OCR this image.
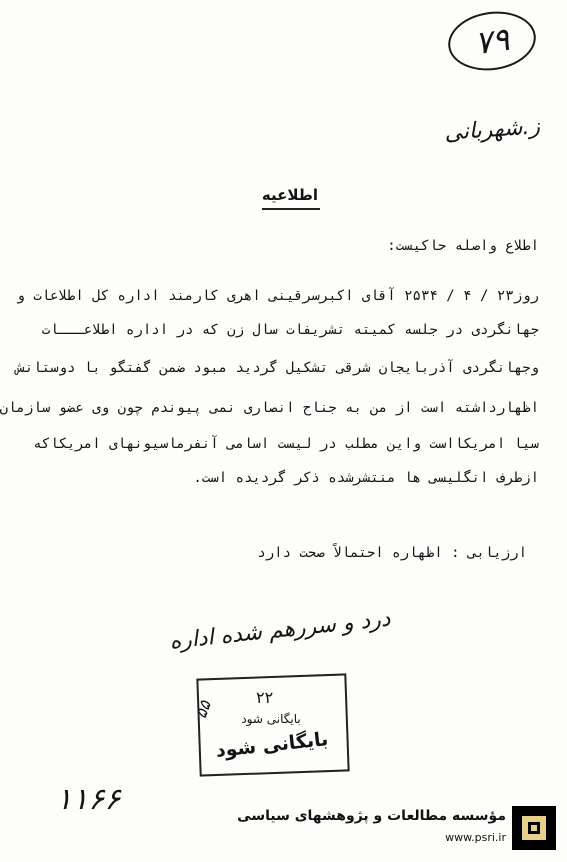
۷۹
ز.شهربانی
اطلاعیه
اطلاع واصله حاکیست:
روز۲۳ / ۴ / ۲۵۳۴ آقای اکبرسرقینی اهری کارمند اداره کل اطلاعات و
جهانگردی در جلسه کمیته تشریفات سال زن که در اداره اطلاعـــات
وجهانگردی آذربایجان شرقی تشکیل گردید مبود ضمن گفتگو با دوستانش
اظهارداشته است از من به جناح انصاری نمی پیوندم چون وی عضو سازمان
سیا امریکااست واین مطلب در لیست اسامی آنفرماسیونهای امریکاکه
ازطرف انگلیسی ها منتشرشده ذکر گردیده است.
ارزیابی : اظهاره احتمالاً صحت دارد
درد و سررهم شده اداره
۲۲
بایگانی شود
بایگانی شود
۵۵
۱۱۶۶	مؤسسه مطالعات و پژوهشهای سیاسی
www.psri.ir
